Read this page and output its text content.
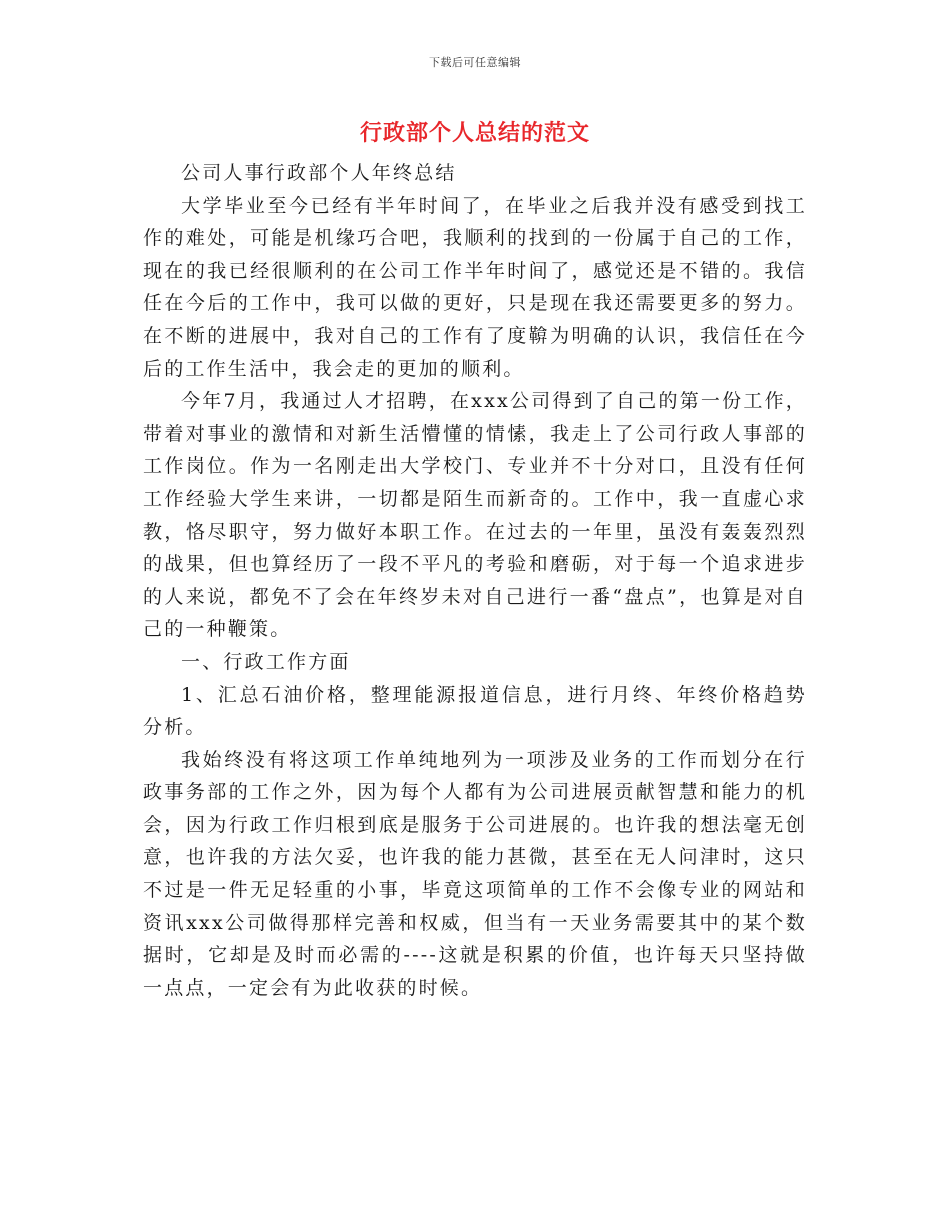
下载后可任意编辑
行政部个人总结的范文

公司人事行政部个人年终总结

大学毕业至今已经有半年时间了，在毕业之后我并没有感受到找工作的难处，可能是机缘巧合吧，我顺利的找到的一份属于自己的工作，现在的我已经很顺利的在公司工作半年时间了，感觉还是不错的。我信任在今后的工作中，我可以做的更好，只是现在我还需要更多的努力。在不断的进展中，我对自己的工作有了度鞥为明确的认识，我信任在今后的工作生活中，我会走的更加的顺利。

今年7月，我通过人才招聘，在xxx公司得到了自己的第一份工作，带着对事业的激情和对新生活懵懂的情愫，我走上了公司行政人事部的工作岗位。作为一名刚走出大学校门、专业并不十分对口，且没有任何工作经验大学生来讲，一切都是陌生而新奇的。工作中，我一直虚心求教，恪尽职守，努力做好本职工作。在过去的一年里，虽没有轰轰烈烈的战果，但也算经历了一段不平凡的考验和磨砺，对于每一个追求进步的人来说，都免不了会在年终岁未对自己进行一番“盘点”，也算是对自己的一种鞭策。

一、行政工作方面

1、汇总石油价格，整理能源报道信息，进行月终、年终价格趋势分析。

我始终没有将这项工作单纯地列为一项涉及业务的工作而划分在行政事务部的工作之外，因为每个人都有为公司进展贡献智慧和能力的机会，因为行政工作归根到底是服务于公司进展的。也许我的想法毫无创意，也许我的方法欠妥，也许我的能力甚微，甚至在无人问津时，这只不过是一件无足轻重的小事，毕竟这项简单的工作不会像专业的网站和资讯xxx公司做得那样完善和权威，但当有一天业务需要其中的某个数据时，它却是及时而必需的----这就是积累的价值，也许每天只坚持做一点点，一定会有为此收获的时候。
